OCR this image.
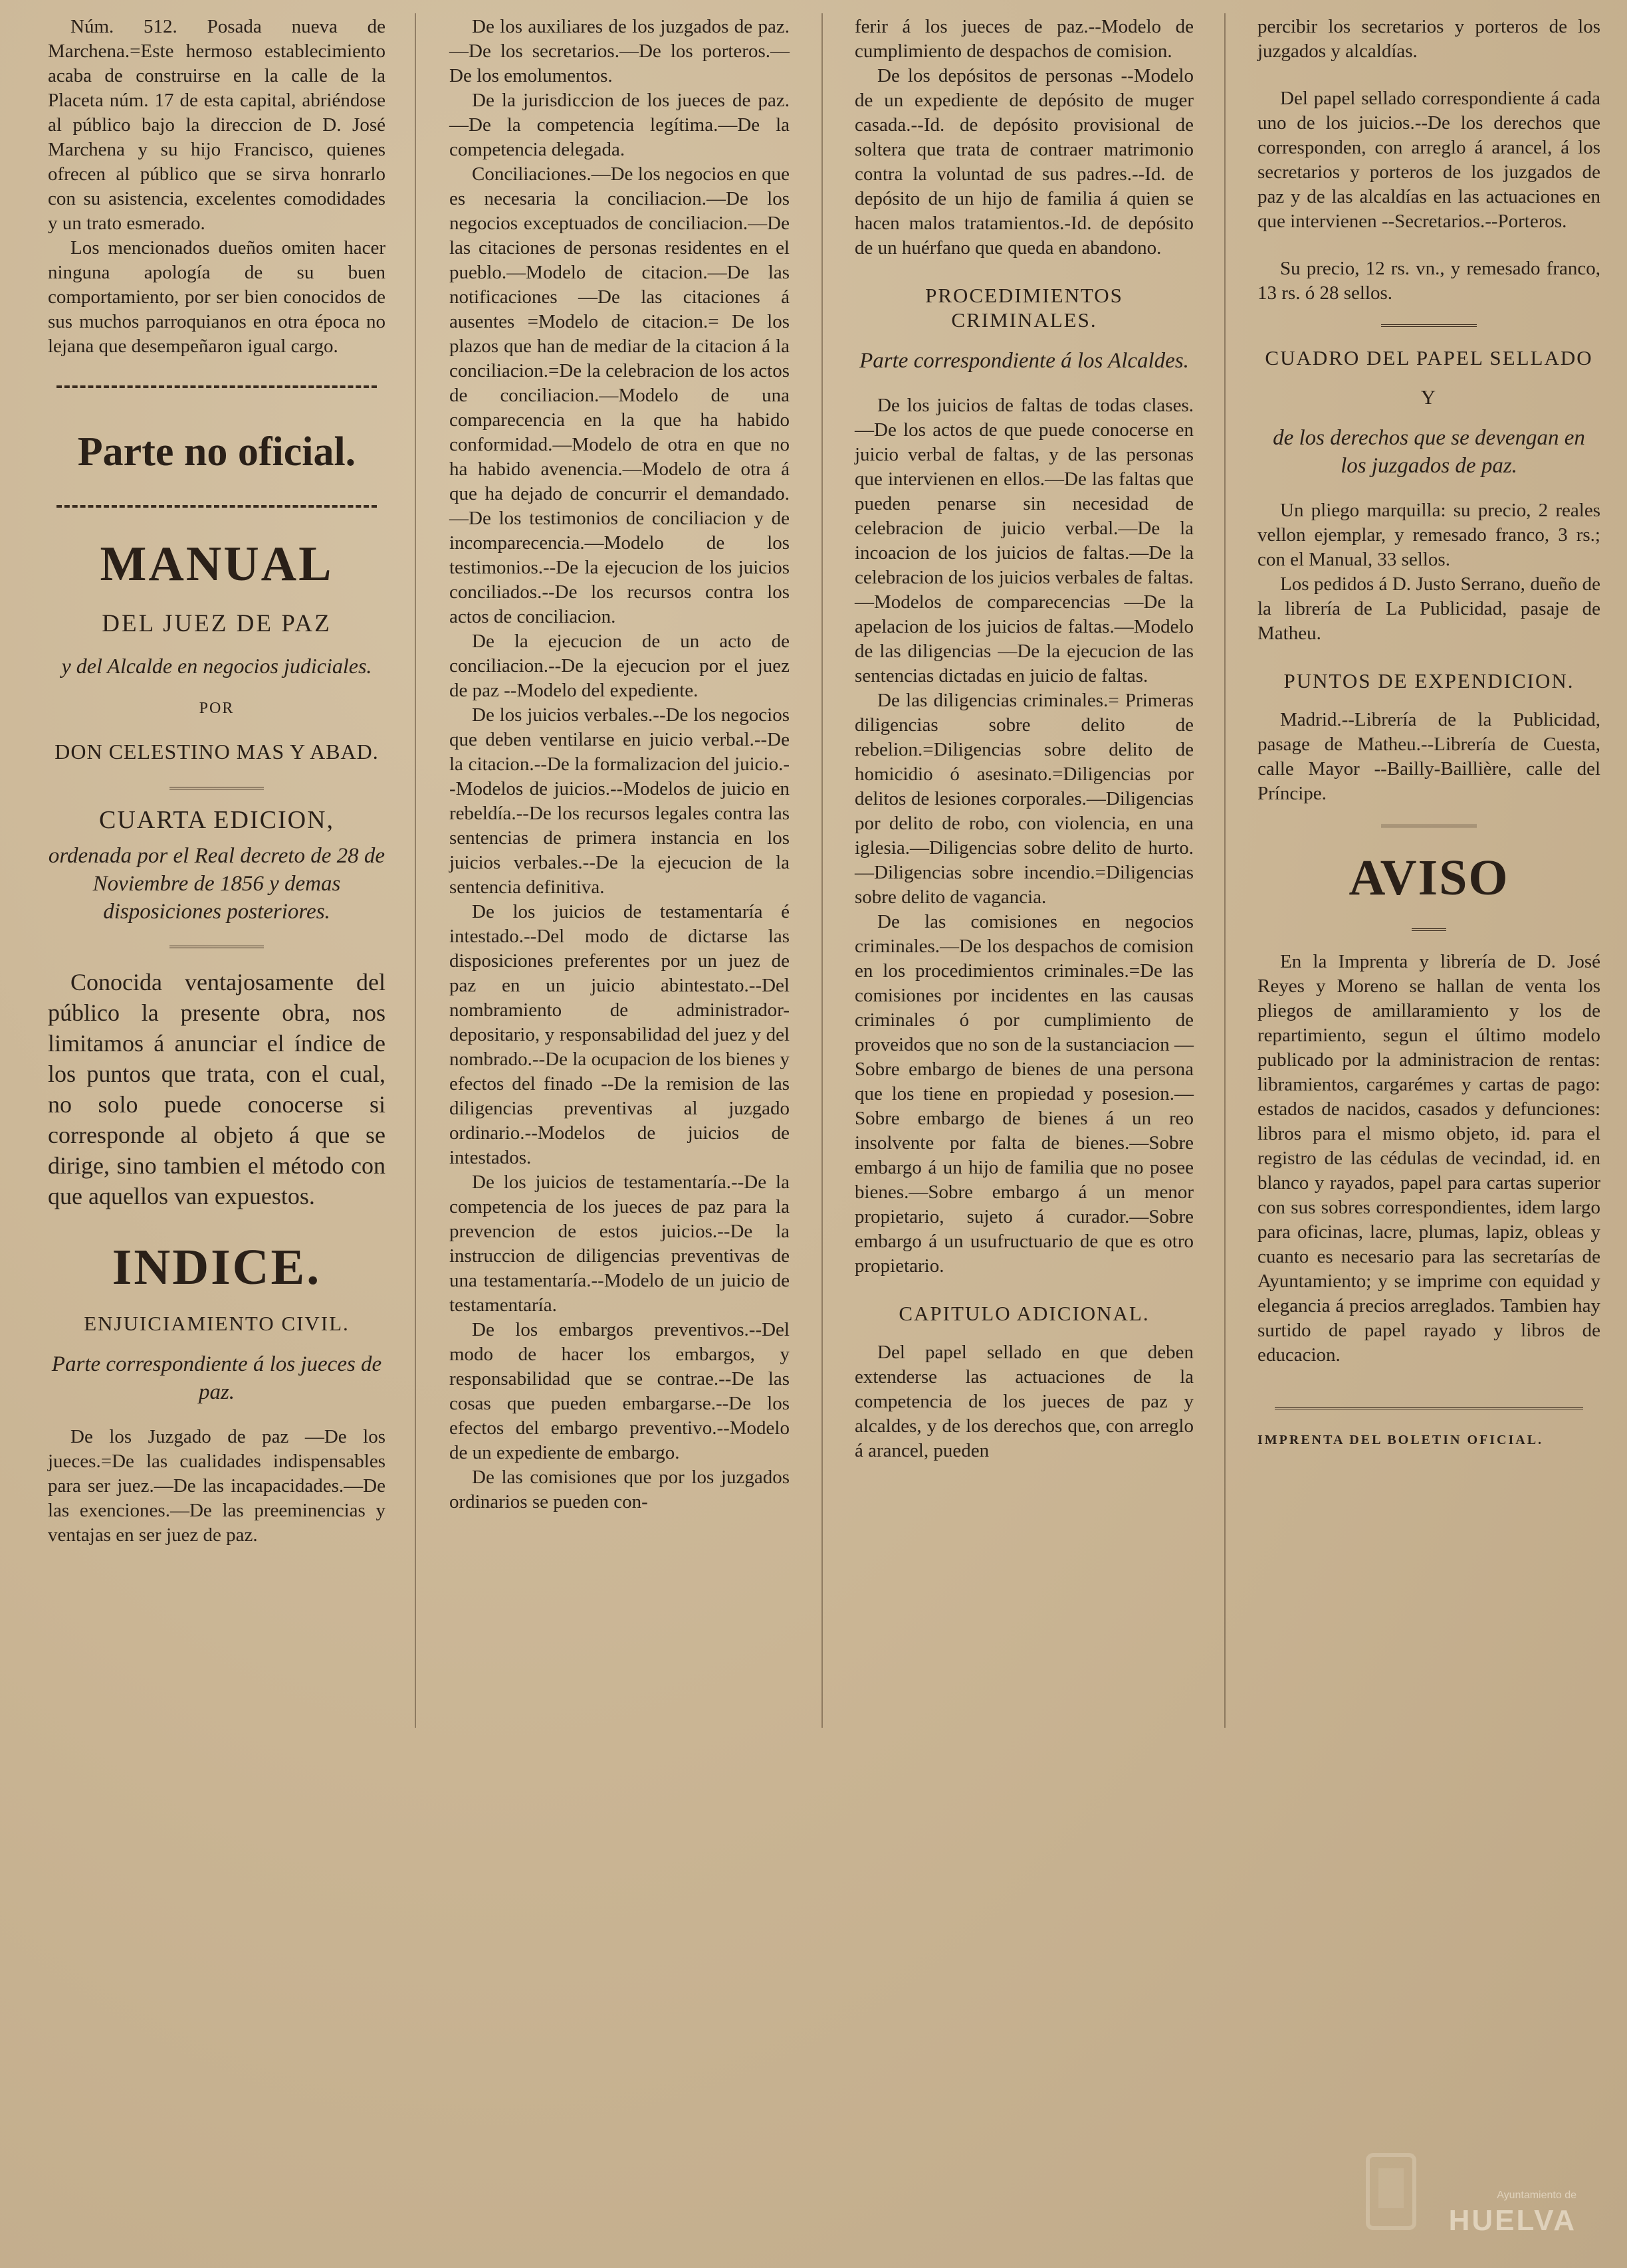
Núm. 512. Posada nueva de Marchena.=Este hermoso establecimiento acaba de construirse en la calle de la Placeta núm. 17 de esta capital, abriéndose al público bajo la direccion de D. José Marchena y su hijo Francisco, quienes ofrecen al público que se sirva honrarlo con su asistencia, excelentes comodidades y un trato esmerado.

Los mencionados dueños omiten hacer ninguna apología de su buen comportamiento, por ser bien conocidos de sus muchos parroquianos en otra época no lejana que desempeñaron igual cargo.

Parte no oficial.
MANUAL
DEL JUEZ DE PAZ
y del Alcalde en negocios judiciales.
POR
DON CELESTINO MAS Y ABAD.
CUARTA EDICION,
ordenada por el Real decreto de 28 de Noviembre de 1856 y demas disposiciones posteriores.

Conocida ventajosamente del público la presente obra, nos limitamos á anunciar el índice de los puntos que trata, con el cual, no solo puede conocerse si corresponde al objeto á que se dirige, sino tambien el método con que aquellos van expuestos.

INDICE.
ENJUICIAMIENTO CIVIL.
Parte correspondiente á los jueces de paz.

De los Juzgado de paz —De los jueces.=De las cualidades indispensables para ser juez.—De las incapacidades.—De las exenciones.—De las preeminencias y ventajas en ser juez de paz.

De los auxiliares de los juzgados de paz.—De los secretarios.—De los porteros.—De los emolumentos.

De la jurisdiccion de los jueces de paz.—De la competencia legítima.—De la competencia delegada.

Conciliaciones.—De los negocios en que es necesaria la conciliacion.—De los negocios exceptuados de conciliacion.—De las citaciones de personas residentes en el pueblo.—Modelo de citacion.—De las notificaciones —De las citaciones á ausentes =Modelo de citacion.= De los plazos que han de mediar de la citacion á la conciliacion.=De la celebracion de los actos de conciliacion.—Modelo de una comparecencia en la que ha habido conformidad.—Modelo de otra en que no ha habido avenencia.—Modelo de otra á que ha dejado de concurrir el demandado.—De los testimonios de conciliacion y de incomparecencia.—Modelo de los testimonios.--De la ejecucion de los juicios conciliados.--De los recursos contra los actos de conciliacion.

De la ejecucion de un acto de conciliacion.--De la ejecucion por el juez de paz --Modelo del expediente.

De los juicios verbales.--De los negocios que deben ventilarse en juicio verbal.--De la citacion.--De la formalizacion del juicio.--Modelos de juicios.--Modelos de juicio en rebeldía.--De los recursos legales contra las sentencias de primera instancia en los juicios verbales.--De la ejecucion de la sentencia definitiva.

De los juicios de testamentaría é intestado.--Del modo de dictarse las disposiciones preferentes por un juez de paz en un juicio abintestato.--Del nombramiento de administrador-depositario, y responsabilidad del juez y del nombrado.--De la ocupacion de los bienes y efectos del finado --De la remision de las diligencias preventivas al juzgado ordinario.--Modelos de juicios de intestados.

De los juicios de testamentaría.--De la competencia de los jueces de paz para la prevencion de estos juicios.--De la instruccion de diligencias preventivas de una testamentaría.--Modelo de un juicio de testamentaría.

De los embargos preventivos.--Del modo de hacer los embargos, y responsabilidad que se contrae.--De las cosas que pueden embargarse.--De los efectos del embargo preventivo.--Modelo de un expediente de embargo.

De las comisiones que por los juzgados ordinarios se pueden con-

ferir á los jueces de paz.--Modelo de cumplimiento de despachos de comision.

De los depósitos de personas --Modelo de un expediente de depósito de muger casada.--Id. de depósito provisional de soltera que trata de contraer matrimonio contra la voluntad de sus padres.--Id. de depósito de un hijo de familia á quien se hacen malos tratamientos.-Id. de depósito de un huérfano que queda en abandono.

PROCEDIMIENTOS CRIMINALES.
Parte correspondiente á los Alcaldes.

De los juicios de faltas de todas clases.—De los actos de que puede conocerse en juicio verbal de faltas, y de las personas que intervienen en ellos.—De las faltas que pueden penarse sin necesidad de celebracion de juicio verbal.—De la incoacion de los juicios de faltas.—De la celebracion de los juicios verbales de faltas.—Modelos de comparecencias —De la apelacion de los juicios de faltas.—Modelo de las diligencias —De la ejecucion de las sentencias dictadas en juicio de faltas.

De las diligencias criminales.= Primeras diligencias sobre delito de rebelion.=Diligencias sobre delito de homicidio ó asesinato.=Diligencias por delitos de lesiones corporales.—Diligencias por delito de robo, con violencia, en una iglesia.—Diligencias sobre delito de hurto.—Diligencias sobre incendio.=Diligencias sobre delito de vagancia.

De las comisiones en negocios criminales.—De los despachos de comision en los procedimientos criminales.=De las comisiones por incidentes en las causas criminales ó por cumplimiento de proveidos que no son de la sustanciacion — Sobre embargo de bienes de una persona que los tiene en propiedad y posesion.—Sobre embargo de bienes á un reo insolvente por falta de bienes.—Sobre embargo á un hijo de familia que no posee bienes.—Sobre embargo á un menor propietario, sujeto á curador.—Sobre embargo á un usufructuario de que es otro propietario.

CAPITULO ADICIONAL.

Del papel sellado en que deben extenderse las actuaciones de la competencia de los jueces de paz y alcaldes, y de los derechos que, con arreglo á arancel, pueden

percibir los secretarios y porteros de los juzgados y alcaldías.

Del papel sellado correspondiente á cada uno de los juicios.--De los derechos que corresponden, con arreglo á arancel, á los secretarios y porteros de los juzgados de paz y de las alcaldías en las actuaciones en que intervienen --Secretarios.--Porteros.

Su precio, 12 rs. vn., y remesado franco, 13 rs. ó 28 sellos.

CUADRO DEL PAPEL SELLADO
Y
de los derechos que se devengan en los juzgados de paz.

Un pliego marquilla: su precio, 2 reales vellon ejemplar, y remesado franco, 3 rs.; con el Manual, 33 sellos.

Los pedidos á D. Justo Serrano, dueño de la librería de La Publicidad, pasaje de Matheu.

PUNTOS DE EXPENDICION.

Madrid.--Librería de la Publicidad, pasage de Matheu.--Librería de Cuesta, calle Mayor --Bailly-Baillière, calle del Príncipe.

AVISO

En la Imprenta y librería de D. José Reyes y Moreno se hallan de venta los pliegos de amillaramiento y los de repartimiento, segun el último modelo publicado por la administracion de rentas: libramientos, cargarémes y cartas de pago: estados de nacidos, casados y defunciones: libros para el mismo objeto, id. para el registro de las cédulas de vecindad, id. en blanco y rayados, papel para cartas superior con sus sobres correspondientes, idem largo para oficinas, lacre, plumas, lapiz, obleas y cuanto es necesario para las secretarías de Ayuntamiento; y se imprime con equidad y elegancia á precios arreglados. Tambien hay surtido de papel rayado y libros de educacion.

IMPRENTA DEL BOLETIN OFICIAL.
Ayuntamiento de
HUELVA
